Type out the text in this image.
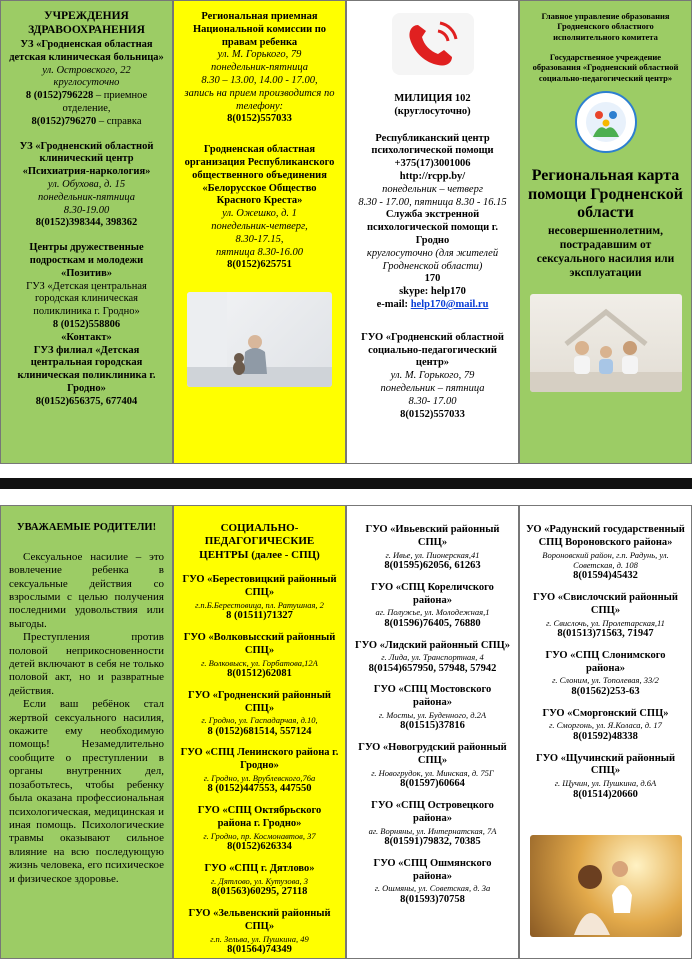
УЧРЕЖДЕНИЯ ЗДРАВООХРАНЕНИЯ
УЗ «Гродненская областная детская клиническая больница»
ул. Островского, 22
круглосуточно
8 (0152)796228 – приемное отделение,
8(0152)796270 – справка
УЗ «Гродненский областной клинический центр «Психиатрия-наркология»
ул. Обухова, д. 15
понедельник-пятница
8.30-19.00
8(0152)398344, 398362
Центры дружественные подросткам и молодежи «Позитив»
ГУЗ «Детская центральная городская клиническая поликлиника г. Гродно»
8 (0152)558806
«Контакт»
ГУЗ филиал «Детская центральная городская клиническая поликлиника г. Гродно»
8(0152)656375, 677404
Региональная приемная Национальной комиссии по правам ребенка
ул. М. Горького, 79
понедельник-пятница
8.30 – 13.00, 14.00 - 17.00,
запись на прием производится по телефону:
8(0152)557033
Гродненская областная организация Республиканского общественного объединения «Белорусское Общество Красного Креста»
ул. Ожешко, д. 1
понедельник-четверг,
8.30-17.15,
пятница 8.30-16.00
8(0152)625751
МИЛИЦИЯ 102
(круглосуточно)
Республиканский центр психологической помощи
+375(17)3001006
http://rcpp.by/
понедельник – четверг
8.30 - 17.00, пятница 8.30 - 16.15
Служба экстренной психологической помощи г. Гродно
круглосуточно (для жителей Гродненской области)
170
skype: help170
e-mail: help170@mail.ru
ГУО «Гродненский областной социально-педагогический центр»
ул. М. Горького, 79
понедельник – пятница
8.30- 17.00
8(0152)557033
Главное управление образования Гродненского областного исполнительного комитета
Государственное учреждение образования «Гродненский областной социально-педагогический центр»
Региональная карта помощи Гродненской области
несовершеннолетним, пострадавшим от сексуального насилия или эксплуатации
УВАЖАЕМЫЕ РОДИТЕЛИ!
Сексуальное насилие – это вовлечение ребенка в сексуальные действия со взрослыми с целью получения последними удовольствия или выгоды.
Преступления против половой неприкосновенности детей включают в себя не только половой акт, но и развратные действия.
Если ваш ребёнок стал жертвой сексуального насилия, окажите ему необходимую помощь! Незамедлительно сообщите о преступлении в органы внутренних дел, позаботьтесь, чтобы ребенку была оказана профессиональная психологическая, медицинская и иная помощь. Психологические травмы оказывают сильное влияние на всю последующую жизнь человека, его психическое и физическое здоровье.
СОЦИАЛЬНО-ПЕДАГОГИЧЕСКИЕ ЦЕНТРЫ (далее - СПЦ)
ГУО «Берестовицкий районный СПЦ»
г.п.Б.Берестовица, пл. Ратушная, 2
8 (01511)71327
ГУО «Волковысский районный СПЦ»
г. Волковыск, ул. Горбатова,12А
8(01512)62081
ГУО «Гродненский районный СПЦ»
г. Гродно, ул. Гаспадарчая, д.10,
8 (0152)681514, 557124
ГУО «СПЦ Ленинского района г. Гродно»
г. Гродно, ул. Врублевского,76а
8 (0152)447553, 447550
ГУО «СПЦ Октябрьского района г. Гродно»
г. Гродно, пр. Космонавтов, 37
8(0152)626334
ГУО «СПЦ г. Дятлово»
г. Дятлово, ул. Кутузова, 3
8(01563)60295, 27118
ГУО «Зельвенский районный СПЦ»
г.п. Зельва, ул. Пушкина, 49
8(01564)74349
ГУО «Ивьевский районный СПЦ»
г. Ивье, ул. Пионерская,41
8(01595)62056, 61263
ГУО «СПЦ Кореличского района»
аг. Полужье, ул. Молодежная,1
8(01596)76405, 76880
ГУО «Лидский районный СПЦ»
г. Лида, ул. Транспортная, 4
8(0154)657950, 57948, 57942
ГУО «СПЦ Мостовского района»
г. Мосты, ул. Буденного, д.2А
8(01515)37816
ГУО «Новогрудский районный СПЦ»
г. Новогрудок, ул. Минская, д. 75Г
8(01597)60664
ГУО «СПЦ Островецкого района»
аг. Ворняны, ул. Интернатская, 7А
8(01591)79832, 70385
ГУО «СПЦ Ошмянского района»
г. Ошмяны, ул. Советская, д. 3а
8(01593)70758
УО «Радунский государственный СПЦ Вороновского района»
Вороновский район, г.п. Радунь, ул. Советская, д. 108
8(01594)45432
ГУО «Свислочский районный СПЦ»
г. Свислочь, ул. Пролетарская,11
8(01513)71563, 71947
ГУО «СПЦ Слонимского района»
г. Слоним, ул. Тополевая, 33/2
8(01562)253-63
ГУО «Сморгонский СПЦ»
г. Сморгонь, ул. Я.Коласа, д. 17
8(01592)48338
ГУО «Щучинский районный СПЦ»
г. Щучин, ул. Пушкина, д.6А
8(01514)20660
